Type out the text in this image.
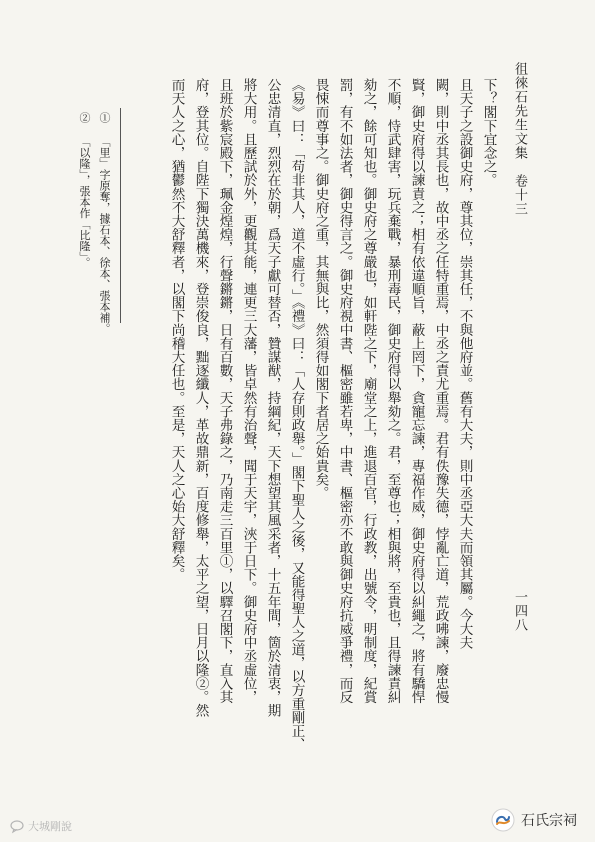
徂徠石先生文集卷十三
一四八
下？閣下宜念之。
且天子之設御史府，尊其位，崇其任，不與他府並。舊有大夫，則中丞亞大夫而領其屬。今大夫
闕，則中丞其長也，故中丞之任特重焉，中丞之責尤重焉。君有佚豫失德，悖亂亡道，荒政咈諫，廢忠慢
賢，御史府得以諫責之；相有依違順旨，蔽上罔下，貪寵忘諫，專福作威，御史府得以糾繩之，將有驕悍
不順，恃武肆害，玩兵棄戰，暴刑毒民，御史府得以舉劾之。君，至尊也；相與將，至貴也，且得諫責糾
劾之，餘可知也。御史府之尊嚴也，如軒陛之下，廟堂之上，進退百官，行政教，出號令，明制度，紀賞
罰，有不如法者，御史得言之。御史府視中書、樞密雖若卑，中書、樞密亦不敢與御史府抗威爭禮，而反
畏悚而尊事之。御史府之重，其無與比，然須得如閣下者居之始貴矣。
《易》曰：「苟非其人，道不虛行。」《禮》曰：「人存則政舉。」閣下聖人之後，又能得聖人之道，以方重剛正、
公忠清直，烈烈在於朝，爲天子獻可替否，贊謀猷，持綱紀，天下想望其風采者，十五年間，箇於清衷，期
將大用。且歷試於外，更觀其能，連更三大藩，皆卓然有治聲，聞于天宇，浹于日下。御史府中丞虛位，
且班於紫宸殿下，珮金煌煌，行聲鏘鏘，日有百數，天子弗錄之，乃南走三百里①，以驛召閣下，直入其
府，登其位。自陛下獨決萬機來，登崇俊良，黜逐纖人，革故鼎新，百度修舉，太平之望，日月以隆②。然
而天人之心，猶鬱然不大舒釋者，以閣下尚稽大任也。至是，天人之心始大舒釋矣。
① 「里」字原奪，據石本、徐本、張本補。
② 「以隆」，張本作「比隆」。
大城剛說	石氏宗祠
